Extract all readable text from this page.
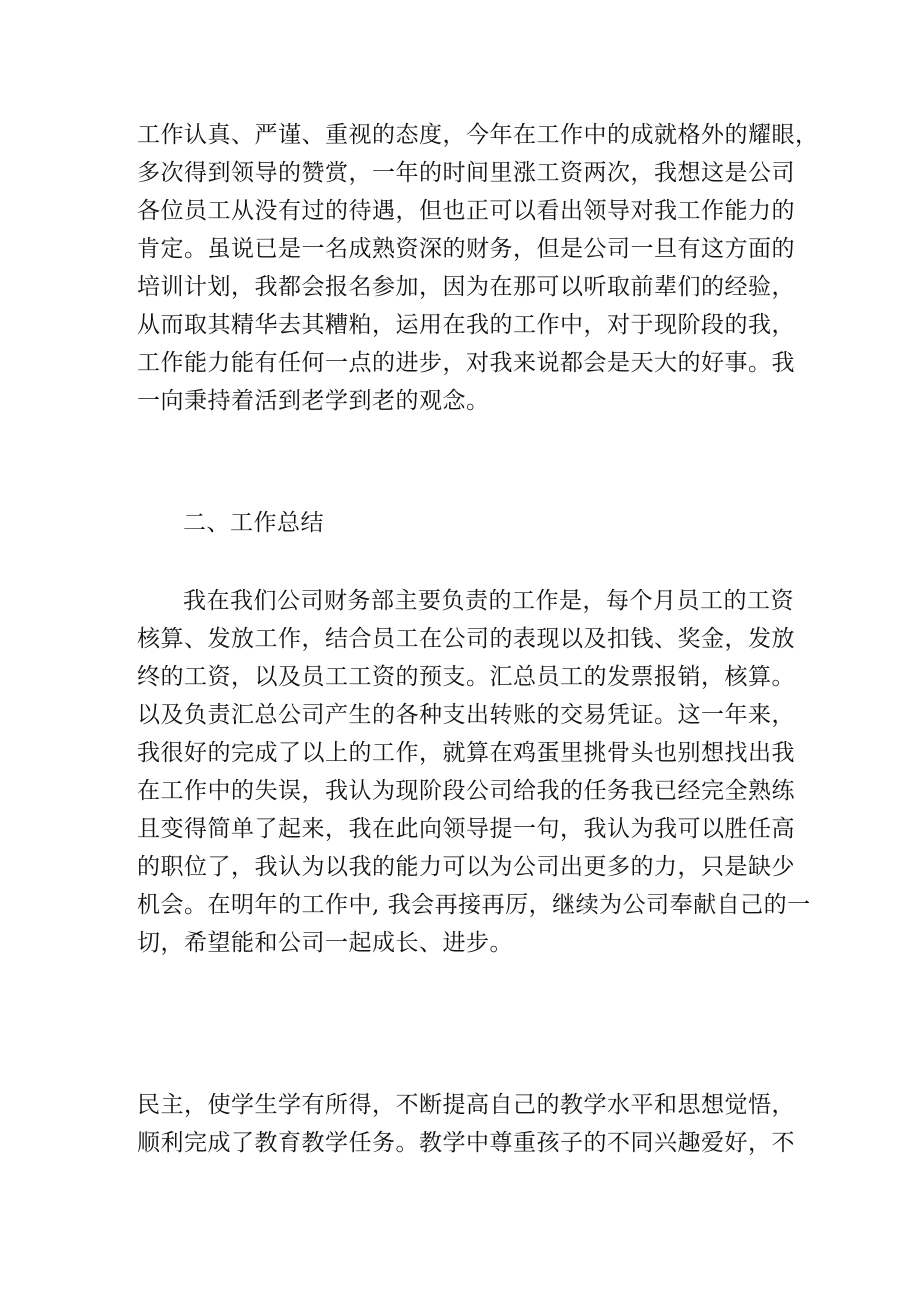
工作认真、严谨、重视的态度，今年在工作中的成就格外的耀眼，
多次得到领导的赞赏，一年的时间里涨工资两次，我想这是公司
各位员工从没有过的待遇，但也正可以看出领导对我工作能力的
肯定。虽说已是一名成熟资深的财务，但是公司一旦有这方面的
培训计划，我都会报名参加，因为在那可以听取前辈们的经验，
从而取其精华去其糟粕，运用在我的工作中，对于现阶段的我，
工作能力能有任何一点的进步，对我来说都会是天大的好事。我
一向秉持着活到老学到老的观念。
二、工作总结
我在我们公司财务部主要负责的工作是，每个月员工的工资
核算、发放工作，结合员工在公司的表现以及扣钱、奖金，发放
终的工资，以及员工工资的预支。汇总员工的发票报销，核算。
以及负责汇总公司产生的各种支出转账的交易凭证。这一年来，
我很好的完成了以上的工作，就算在鸡蛋里挑骨头也别想找出我
在工作中的失误，我认为现阶段公司给我的任务我已经完全熟练
且变得简单了起来，我在此向领导提一句，我认为我可以胜任高
的职位了，我认为以我的能力可以为公司出更多的力，只是缺少
机会。在明年的工作中, 我会再接再厉，继续为公司奉献自己的一
切，希望能和公司一起成长、进步。
民主，使学生学有所得，不断提高自己的教学水平和思想觉悟，
顺利完成了教育教学任务。教学中尊重孩子的不同兴趣爱好，不
